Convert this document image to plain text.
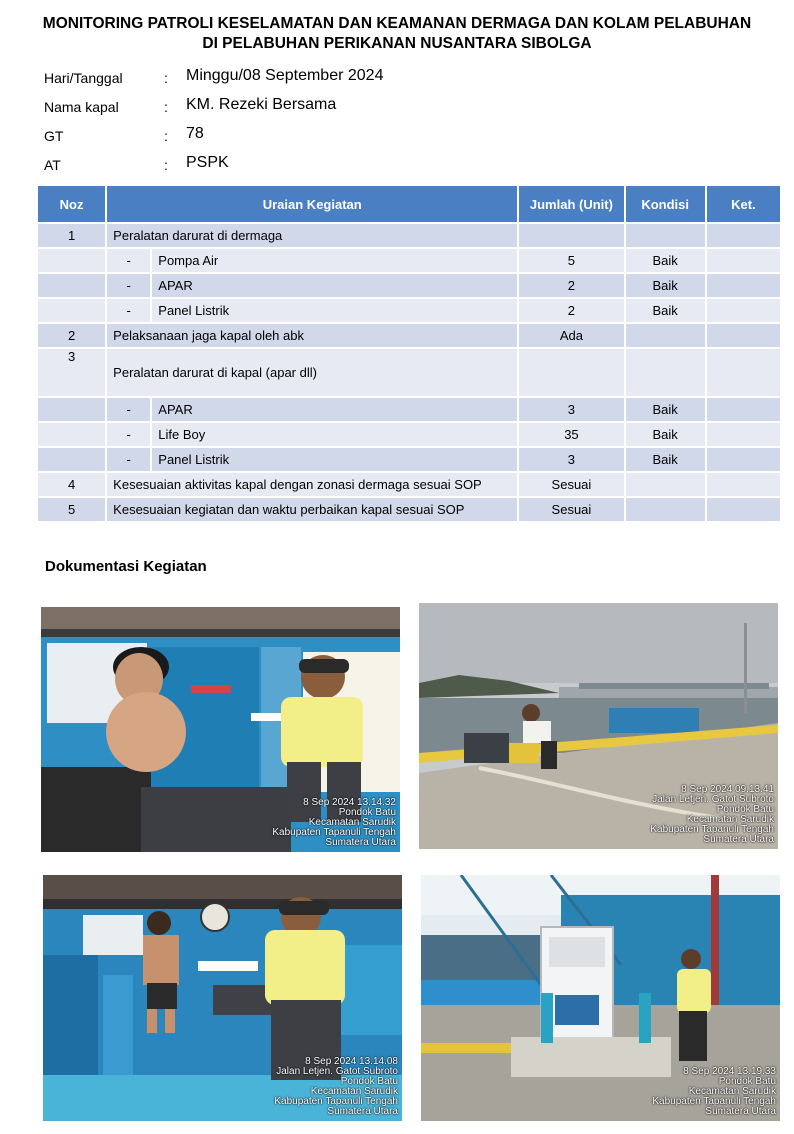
MONITORING PATROLI KESELAMATAN DAN KEAMANAN DERMAGA DAN KOLAM PELABUHAN
DI PELABUHAN PERIKANAN NUSANTARA SIBOLGA
Hari/Tanggal	: Minggu/08 September 2024
Nama kapal	: KM. Rezeki Bersama
GT	: 78
AT	: PSPK
Noz	Uraian Kegiatan		Jumlah (Unit)	Kondisi	Ket.
1	Peralatan darurat di dermaga				
	-	Pompa Air	5	Baik	
	-	APAR	2	Baik	
	-	Panel Listrik	2	Baik	
2	Pelaksanaan jaga kapal oleh abk		Ada		
3	Peralatan darurat di kapal (apar dll)				
	-	APAR	3	Baik	
	-	Life Boy	35	Baik	
	-	Panel Listrik	3	Baik	
4	Kesesuaian aktivitas kapal dengan zonasi dermaga sesuai SOP		Sesuai		
5	Kesesuaian kegiatan dan waktu perbaikan kapal sesuai SOP		Sesuai		
Dokumentasi Kegiatan
8 Sep 2024 13.14.32
Pondok Batu
Kecamatan Sarudik
Kabupaten Tapanuli Tengah
Sumatera Utara
8 Sep 2024 09.13.41
Jalan Letjen. Gatot Subroto
Pondok Batu
Kecamatan Sarudik
Kabupaten Tapanuli Tengah
Sumatera Utara
8 Sep 2024 13.14.08
Jalan Letjen. Gatot Subroto
Pondok Batu
Kecamatan Sarudik
Kabupaten Tapanuli Tengah
Sumatera Utara
8 Sep 2024 13.19.33
Pondok Batu
Kecamatan Sarudik
Kabupaten Tapanuli Tengah
Sumatera Utara
